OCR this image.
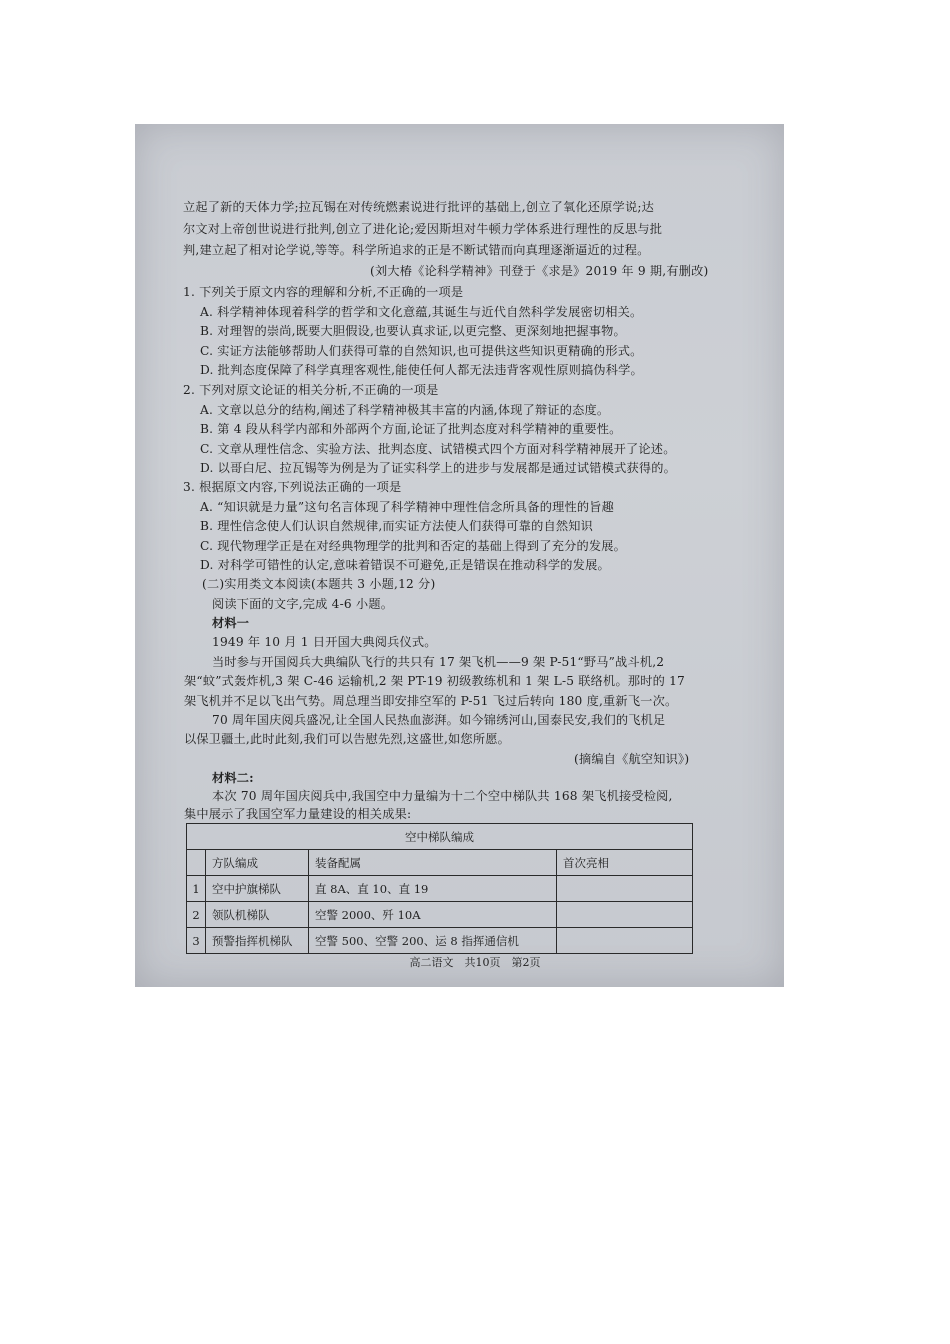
立起了新的天体力学;拉瓦锡在对传统燃素说进行批评的基础上,创立了氧化还原学说;达
尔文对上帝创世说进行批判,创立了进化论;爱因斯坦对牛顿力学体系进行理性的反思与批
判,建立起了相对论学说,等等。科学所追求的正是不断试错而向真理逐渐逼近的过程。
(刘大椿《论科学精神》刊登于《求是》2019 年 9 期,有删改)
1. 下列关于原文内容的理解和分析,不正确的一项是
A. 科学精神体现着科学的哲学和文化意蕴,其诞生与近代自然科学发展密切相关。
B. 对理智的崇尚,既要大胆假设,也要认真求证,以更完整、更深刻地把握事物。
C. 实证方法能够帮助人们获得可靠的自然知识,也可提供这些知识更精确的形式。
D. 批判态度保障了科学真理客观性,能使任何人都无法违背客观性原则搞伪科学。
2. 下列对原文论证的相关分析,不正确的一项是
A. 文章以总分的结构,阐述了科学精神极其丰富的内涵,体现了辩证的态度。
B. 第 4 段从科学内部和外部两个方面,论证了批判态度对科学精神的重要性。
C. 文章从理性信念、实验方法、批判态度、试错模式四个方面对科学精神展开了论述。
D. 以哥白尼、拉瓦锡等为例是为了证实科学上的进步与发展都是通过试错模式获得的。
3. 根据原文内容,下列说法正确的一项是
A. “知识就是力量”这句名言体现了科学精神中理性信念所具备的理性的旨趣
B. 理性信念使人们认识自然规律,而实证方法使人们获得可靠的自然知识
C. 现代物理学正是在对经典物理学的批判和否定的基础上得到了充分的发展。
D. 对科学可错性的认定,意味着错误不可避免,正是错误在推动科学的发展。
(二)实用类文本阅读(本题共 3 小题,12 分)
阅读下面的文字,完成 4-6 小题。
材料一
1949 年 10 月 1 日开国大典阅兵仪式。
当时参与开国阅兵大典编队飞行的共只有 17 架飞机——9 架 P-51“野马”战斗机,2
架“蚊”式轰炸机,3 架 C-46 运输机,2 架 PT-19 初级教练机和 1 架 L-5 联络机。那时的 17
架飞机并不足以飞出气势。周总理当即安排空军的 P-51 飞过后转向 180 度,重新飞一次。
70 周年国庆阅兵盛况,让全国人民热血澎湃。如今锦绣河山,国泰民安,我们的飞机足
以保卫疆土,此时此刻,我们可以告慰先烈,这盛世,如您所愿。
(摘编自《航空知识》)
材料二:
本次 70 周年国庆阅兵中,我国空中力量编为十二个空中梯队共 168 架飞机接受检阅,
集中展示了我国空军力量建设的相关成果:
空中梯队编成			
	方队编成	装备配属	首次亮相
1	空中护旗梯队	直 8A、直 10、直 19	
2	领队机梯队	空警 2000、歼 10A	
3	预警指挥机梯队	空警 500、空警 200、运 8 指挥通信机	
高二语文　共10页　第2页
